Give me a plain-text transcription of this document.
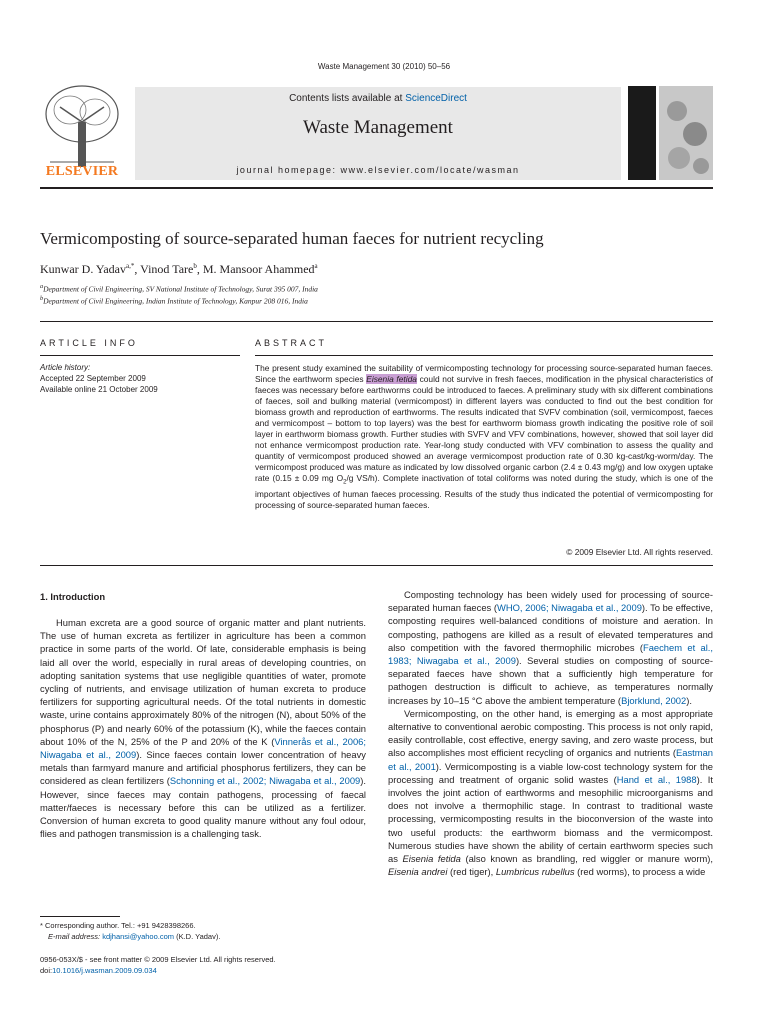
Waste Management 30 (2010) 50–56
ELSEVIER
Contents lists available at ScienceDirect
Waste Management
journal homepage: www.elsevier.com/locate/wasman
Vermicomposting of source-separated human faeces for nutrient recycling
Kunwar D. Yadav$^{a,*}$, Vinod Tare$^b$, M. Mansoor Ahammed$^a$
$^a$Department of Civil Engineering, SV National Institute of Technology, Surat 395 007, India
$^b$Department of Civil Engineering, Indian Institute of Technology, Kanpur 208 016, India
ARTICLE INFO
Article history:
Accepted 22 September 2009
Available online 21 October 2009
ABSTRACT
The present study examined the suitability of vermicomposting technology for processing source-separated human faeces. Since the earthworm species Eisenia fetida could not survive in fresh faeces, modification in the physical characteristics of faeces was necessary before earthworms could be introduced to faeces. A preliminary study with six different combinations of faeces, soil and bulking material (vermicompost) in different layers was conducted to find out the best condition for biomass growth and reproduction of earthworms. The results indicated that SVFV combination (soil, vermicompost, faeces and vermicompost – bottom to top layers) was the best for earthworm biomass growth indicating the positive role of soil layer in earthworm biomass growth. Further studies with SVFV and VFV combinations, however, showed that soil layer did not enhance vermicompost production rate. Year-long study conducted with VFV combination to assess the quality and quantity of vermicompost produced showed an average vermicompost production rate of 0.30 kg-cast/kg-worm/day. The vermicompost produced was mature as indicated by low dissolved organic carbon (2.4 ± 0.43 mg/g) and low oxygen uptake rate (0.15 ± 0.09 mg $O_2/g$ VS/h). Complete inactivation of total coliforms was noted during the study, which is one of the important objectives of human faeces processing. Results of the study thus indicated the potential of vermicomposting for processing of source-separated human faeces.
© 2009 Elsevier Ltd. All rights reserved.
1. Introduction

Human excreta are a good source of organic matter and plant nutrients. The use of human excreta as fertilizer in agriculture has been a common practice in some parts of the world. Of late, considerable emphasis is being laid all over the world, especially in rural areas of developing countries, on adopting sanitation systems that use negligible quantities of water, promote cycling of nutrients, and envisage utilization of human excreta to produce fertilizers for supporting agricultural needs. Of the total nutrients in domestic waste, urine contains approximately 80% of the nitrogen (N), about 50% of the phosphorus (P) and nearly 60% of the potassium (K), while the faeces contain about 10% of the N, 25% of the P and 20% of the K (Vinnerås et al., 2006; Niwagaba et al., 2009). Since faeces contain lower concentration of heavy metals than farmyard manure and artificial phosphorus fertilizers, they can be considered as clean fertilizers (Schonning et al., 2002; Niwagaba et al., 2009). However, since faeces may contain pathogens, processing of faecal matter/faeces is necessary before this can be utilized as a fertilizer. Conversion of human excreta to good quality manure without any foul odour, flies and pathogen transmission is a challenging task.

Composting technology has been widely used for processing of source-separated human faeces (WHO, 2006; Niwagaba et al., 2009). To be effective, composting requires well-balanced conditions of moisture and aeration. In composting, pathogens are killed as a result of elevated temperatures and also competition with the favored thermophilic microbes (Faechem et al., 1983; Niwagaba et al., 2009). Several studies on composting of source-separated faeces have shown that a sufficiently high temperature for pathogen destruction is difficult to achieve, as temperatures normally increases by 10–15 °C above the ambient temperature (Bjorklund, 2002).

Vermicomposting, on the other hand, is emerging as a most appropriate alternative to conventional aerobic composting. This process is not only rapid, easily controllable, cost effective, energy saving, and zero waste process, but also accomplishes most efficient recycling of organics and nutrients (Eastman et al., 2001). Vermicomposting is a viable low-cost technology system for the processing and treatment of organic solid wastes (Hand et al., 1988). It involves the joint action of earthworms and mesophilic microorganisms and does not involve a thermophilic stage. In contrast to traditional waste processing, vermicomposting results in the bioconversion of the waste into two useful products: the earthworm biomass and the vermicompost. Numerous studies have shown the ability of certain earthworm species such as Eisenia fetida (also known as brandling, red wiggler or manure worm), Eisenia andrei (red tiger), Lumbricus rubellus (red worms), to process a wide

* Corresponding author. Tel.: +91 9428398266.
E-mail address: kdjhansi@yahoo.com (K.D. Yadav).
0956-053X/$ - see front matter © 2009 Elsevier Ltd. All rights reserved.
doi:10.1016/j.wasman.2009.09.034
